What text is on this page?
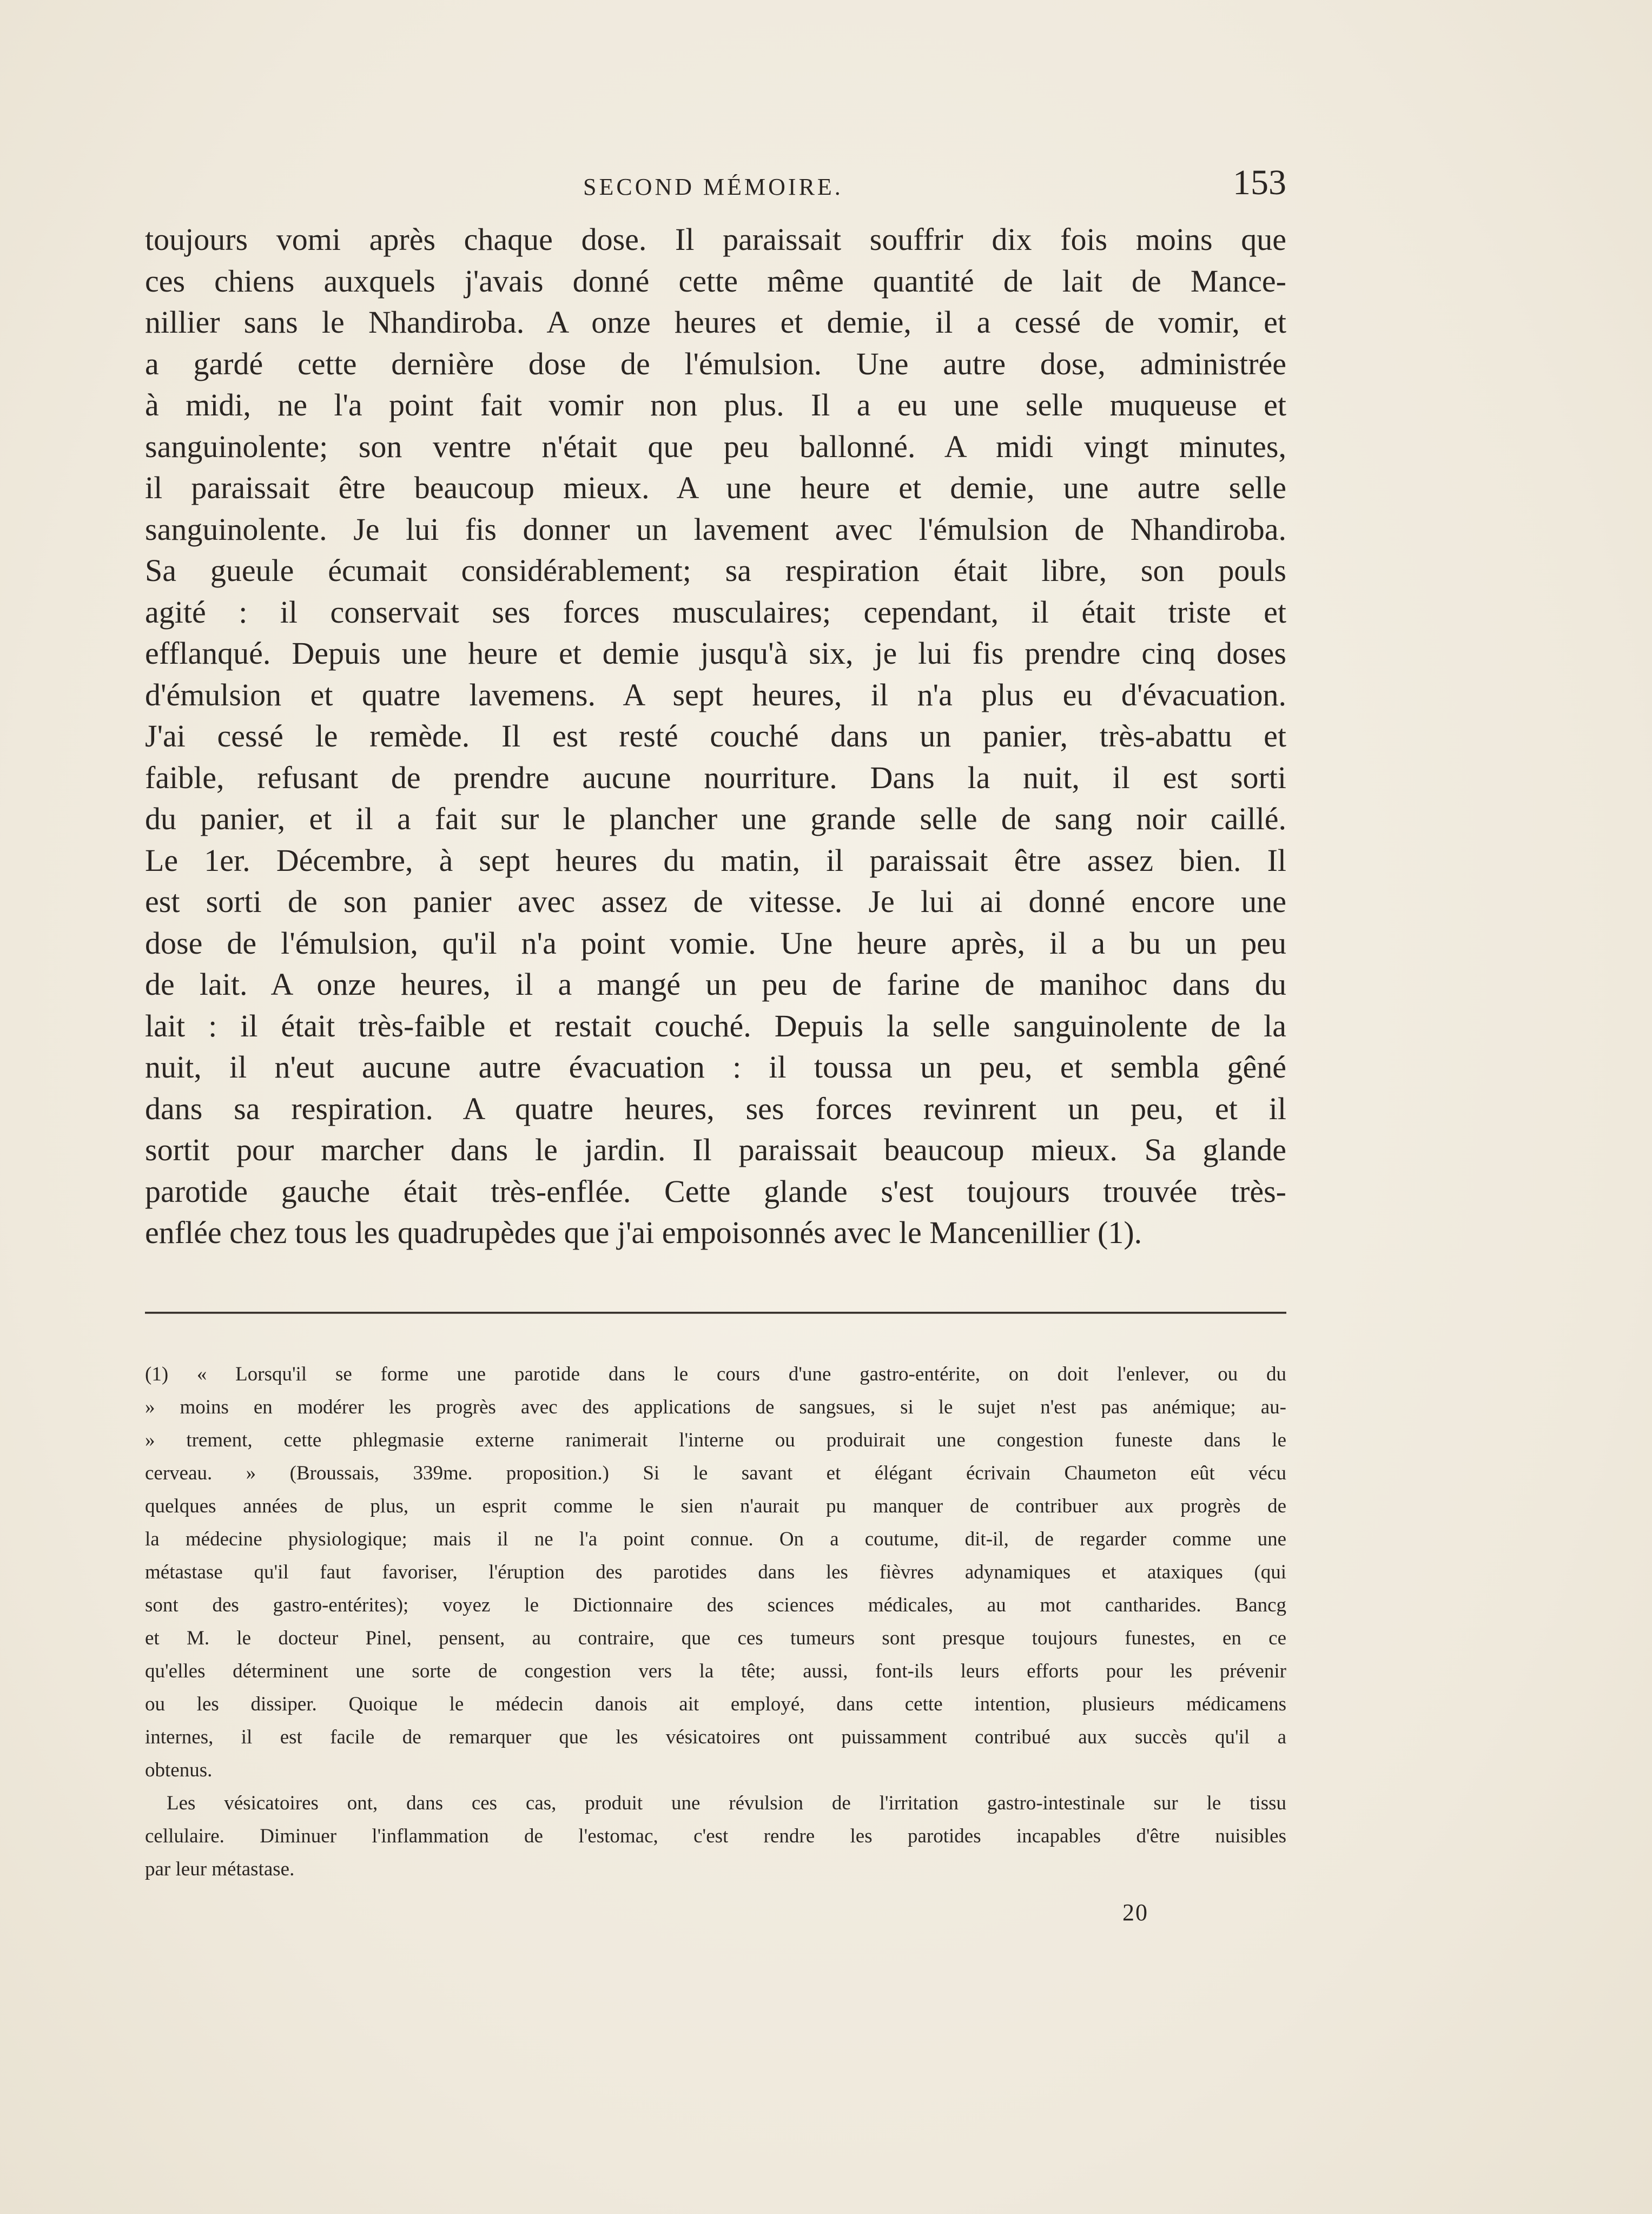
SECOND MÉMOIRE.	153
toujours vomi après chaque dose. Il paraissait souffrir dix fois moins que
ces chiens auxquels j'avais donné cette même quantité de lait de Mance-
nillier sans le Nhandiroba. A onze heures et demie, il a cessé de vomir, et
a gardé cette dernière dose de l'émulsion. Une autre dose, administrée
à midi, ne l'a point fait vomir non plus. Il a eu une selle muqueuse et
sanguinolente; son ventre n'était que peu ballonné. A midi vingt minutes,
il paraissait être beaucoup mieux. A une heure et demie, une autre selle
sanguinolente. Je lui fis donner un lavement avec l'émulsion de Nhandiroba.
Sa gueule écumait considérablement; sa respiration était libre, son pouls
agité : il conservait ses forces musculaires; cependant, il était triste et
efflanqué. Depuis une heure et demie jusqu'à six, je lui fis prendre cinq doses
d'émulsion et quatre lavemens. A sept heures, il n'a plus eu d'évacuation.
J'ai cessé le remède. Il est resté couché dans un panier, très-abattu et
faible, refusant de prendre aucune nourriture. Dans la nuit, il est sorti
du panier, et il a fait sur le plancher une grande selle de sang noir caillé.
Le 1er. Décembre, à sept heures du matin, il paraissait être assez bien. Il
est sorti de son panier avec assez de vitesse. Je lui ai donné encore une
dose de l'émulsion, qu'il n'a point vomie. Une heure après, il a bu un peu
de lait. A onze heures, il a mangé un peu de farine de manihoc dans du
lait : il était très-faible et restait couché. Depuis la selle sanguinolente de la
nuit, il n'eut aucune autre évacuation : il toussa un peu, et sembla gêné
dans sa respiration. A quatre heures, ses forces revinrent un peu, et il
sortit pour marcher dans le jardin. Il paraissait beaucoup mieux. Sa glande
parotide gauche était très-enflée. Cette glande s'est toujours trouvée très-
enflée chez tous les quadrupèdes que j'ai empoisonnés avec le Mancenillier (1).
(1) « Lorsqu'il se forme une parotide dans le cours d'une gastro-entérite, on doit l'enlever, ou du
» moins en modérer les progrès avec des applications de sangsues, si le sujet n'est pas anémique; au-
» trement, cette phlegmasie externe ranimerait l'interne ou produirait une congestion funeste dans le
cerveau. » (Broussais, 339me. proposition.) Si le savant et élégant écrivain Chaumeton eût vécu
quelques années de plus, un esprit comme le sien n'aurait pu manquer de contribuer aux progrès de
la médecine physiologique; mais il ne l'a point connue. On a coutume, dit-il, de regarder comme une
métastase qu'il faut favoriser, l'éruption des parotides dans les fièvres adynamiques et ataxiques (qui
sont des gastro-entérites); voyez le Dictionnaire des sciences médicales, au mot cantharides. Bancg
et M. le docteur Pinel, pensent, au contraire, que ces tumeurs sont presque toujours funestes, en ce
qu'elles déterminent une sorte de congestion vers la tête; aussi, font-ils leurs efforts pour les prévenir
ou les dissiper. Quoique le médecin danois ait employé, dans cette intention, plusieurs médicamens
internes, il est facile de remarquer que les vésicatoires ont puissamment contribué aux succès qu'il a
obtenus.
Les vésicatoires ont, dans ces cas, produit une révulsion de l'irritation gastro-intestinale sur le tissu
cellulaire. Diminuer l'inflammation de l'estomac, c'est rendre les parotides incapables d'être nuisibles
par leur métastase.
20
